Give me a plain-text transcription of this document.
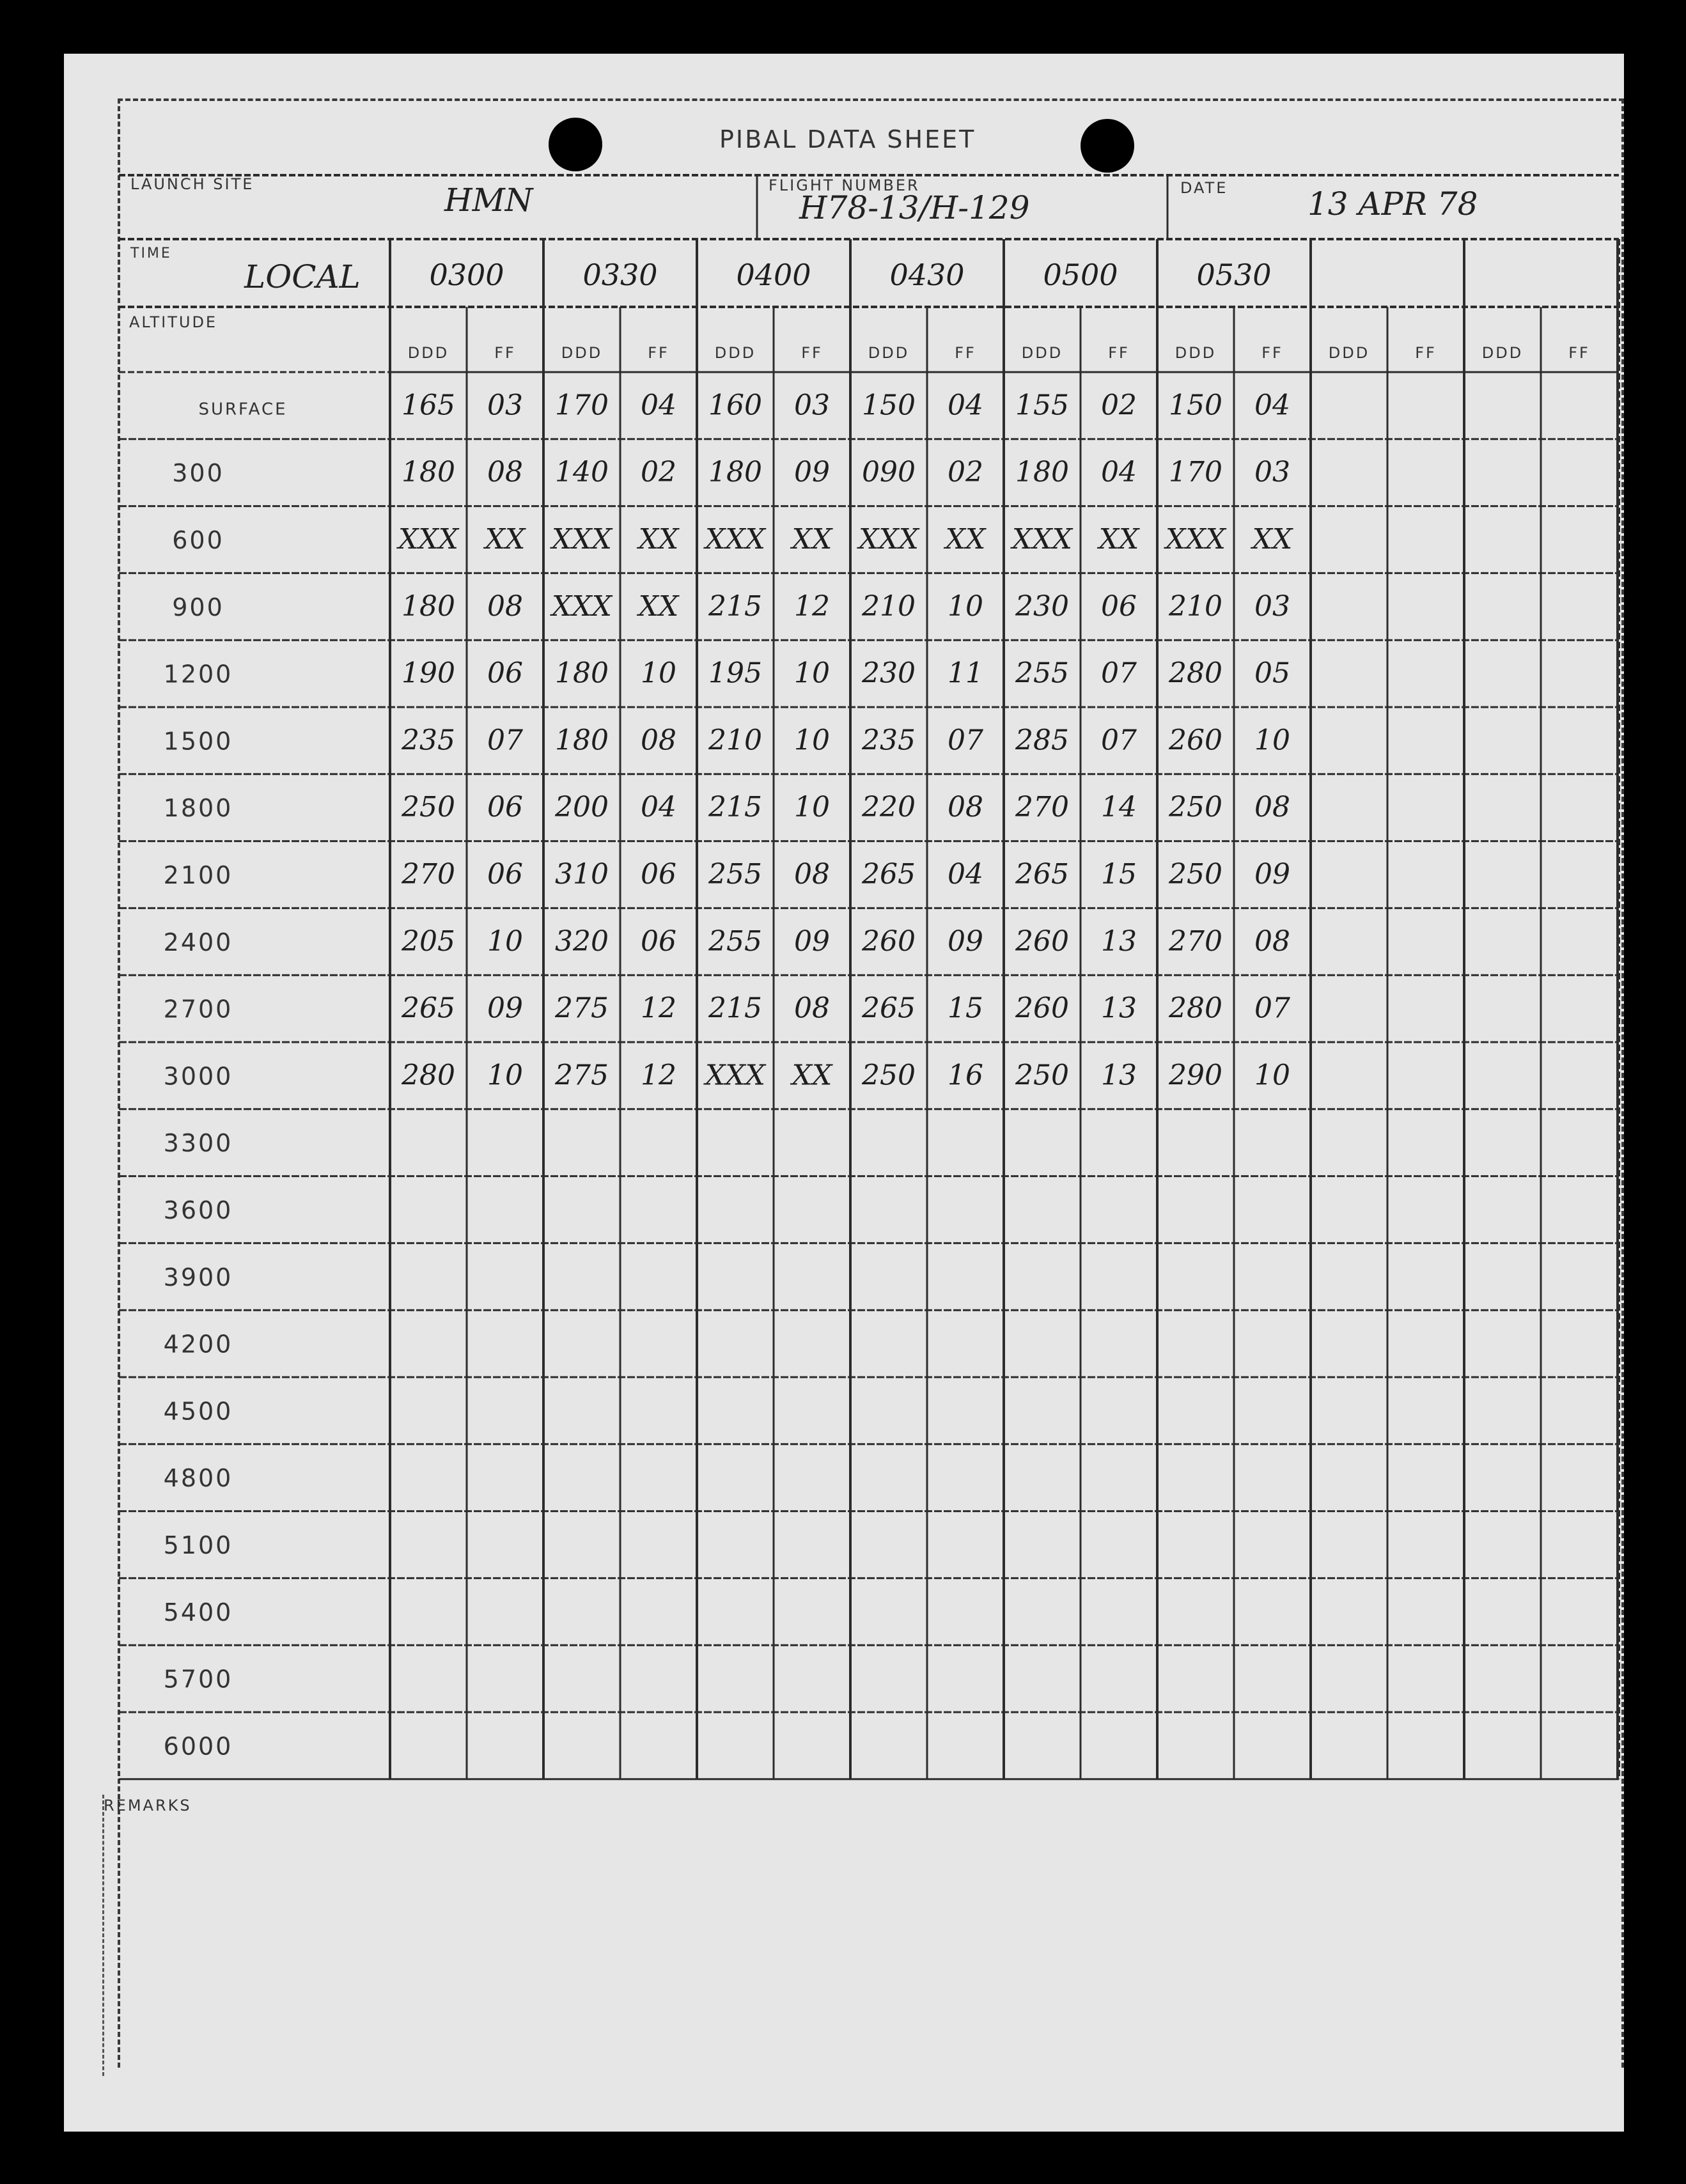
PIBAL DATA SHEET
LAUNCH SITE	HMN	FLIGHT NUMBER
H78-13/H-129
DATE 13 APR 78
TIME
LOCAL
ALTITUDE
REMARKS
0300	0330	0400	0430	0500	0530
DDD	FF	DDD	FF	DDD	FF	DDD	FF	DDD	FF	DDD	FF	DDD	FF	DDD	FF
SURFACE	165 03 170 04 160 03 150 04 155 02 150 04
300	180 08 140 02 180 09 090 02 180 04 170 03
600	XXX XX XXX XX XXX XX XXX XX XXX XX XXX XX
900	180 08 XXX XX 215 12 210 10 230 06 210 03
1200	190 06 180 10 195 10 230 11 255 07 280 05
1500	235 07 180 08 210 10 235 07 285 07 260 10
1800	250 06 200 04 215 10 220 08 270 14 250 08
2100	270 06 310 06 255 08 265 04 265 15 250 09
2400	205 10 320 06 255 09 260 09 260 13 270 08
2700	265 09 275 12 215 08 265 15 260 13 280 07
3000	280 10 275 12 XXX XX 250 16 250 13 290 10
3300
3600
3900
4200
4500
4800
5100
5400
5700
6000
